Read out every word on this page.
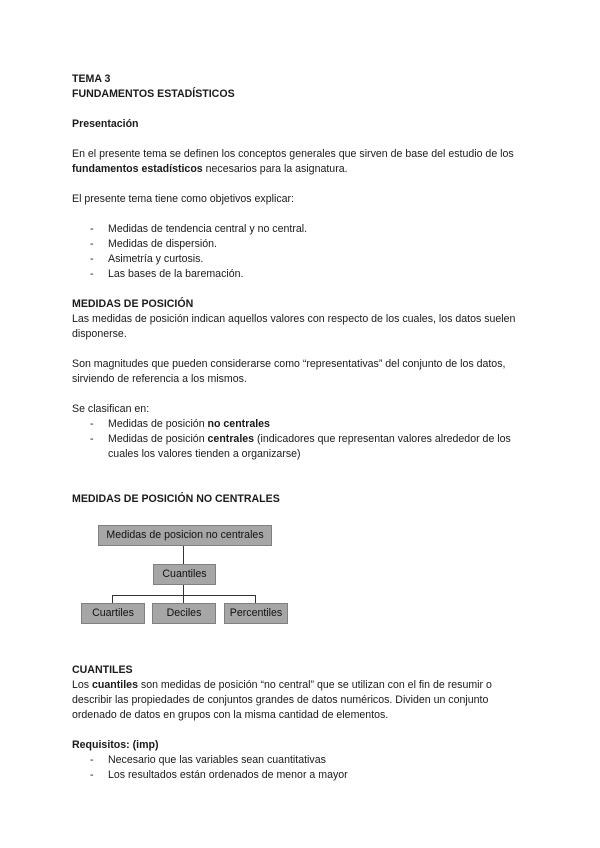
TEMA 3

FUNDAMENTOS ESTADÍSTICOS

Presentación

En el presente tema se definen los conceptos generales que sirven de base del estudio de los fundamentos estadísticos necesarios para la asignatura.

El presente tema tiene como objetivos explicar:

- Medidas de tendencia central y no central.
- Medidas de dispersión.
- Asimetría y curtosis.
- Las bases de la baremación.

MEDIDAS DE POSICIÓN

Las medidas de posición indican aquellos valores con respecto de los cuales, los datos suelen disponerse.

Son magnitudes que pueden considerarse como “representativas” del conjunto de los datos, sirviendo de referencia a los mismos.

Se clasifican en:

- Medidas de posición no centrales
- Medidas de posición centrales (indicadores que representan valores alrededor de los cuales los valores tienden a organizarse)

MEDIDAS DE POSICIÓN NO CENTRALES

Medidas de posicion no centrales
Cuantiles
Cuartiles	Deciles	Percentiles

CUANTILES

Los cuantiles son medidas de posición “no central” que se utilizan con el fin de resumir o describir las propiedades de conjuntos grandes de datos numéricos. Dividen un conjunto ordenado de datos en grupos con la misma cantidad de elementos.

Requisitos: (imp)

- Necesario que las variables sean cuantitativas
- Los resultados están ordenados de menor a mayor
